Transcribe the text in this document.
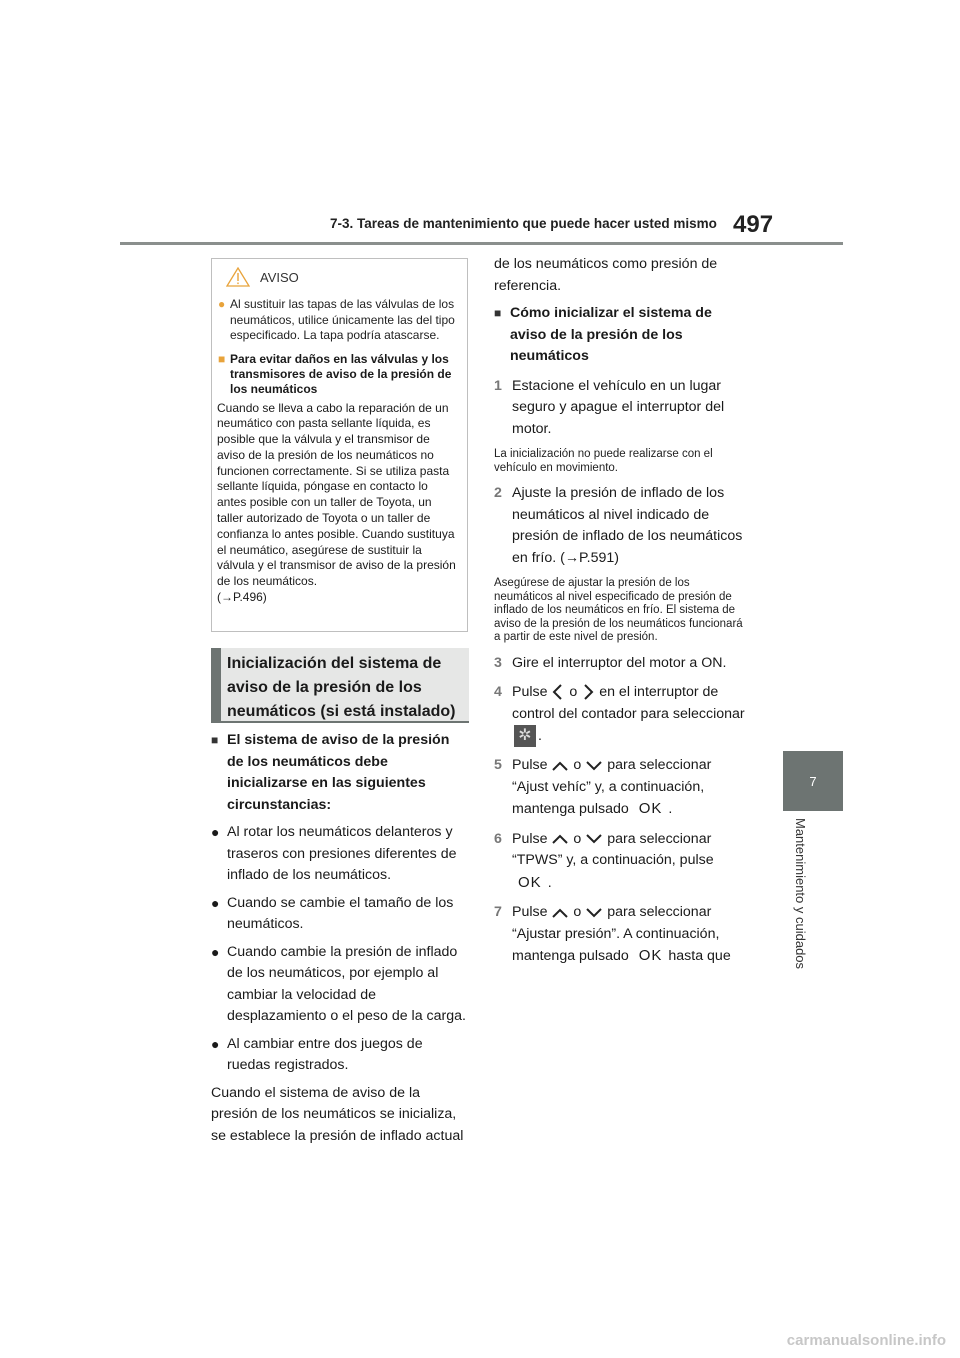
7-3. Tareas de mantenimiento que puede hacer usted mismo 497
7
Mantenimiento y cuidados
AVISO
● Al sustituir las tapas de las válvulas de los neumáticos, utilice únicamente las del tipo especificado. La tapa podría atascarse.
■ Para evitar daños en las válvulas y los transmisores de aviso de la presión de los neumáticos
Cuando se lleva a cabo la reparación de un neumático con pasta sellante líquida, es posible que la válvula y el transmisor de aviso de la presión de los neumáticos no funcionen correctamente. Si se utiliza pasta sellante líquida, póngase en contacto lo antes posible con un taller de Toyota, un taller autorizado de Toyota o un taller de confianza lo antes posible. Cuando sustituya el neumático, asegúrese de sustituir la válvula y el transmisor de aviso de la presión de los neumáticos.
(→P.496)
Inicialización del sistema de aviso de la presión de los neumáticos (si está instalado)
■ El sistema de aviso de la presión de los neumáticos debe inicializarse en las siguientes circunstancias:
● Al rotar los neumáticos delanteros y traseros con presiones diferentes de inflado de los neumáticos.
● Cuando se cambie el tamaño de los neumáticos.
● Cuando cambie la presión de inflado de los neumáticos, por ejemplo al cambiar la velocidad de desplazamiento o el peso de la carga.
● Al cambiar entre dos juegos de ruedas registrados.
Cuando el sistema de aviso de la presión de los neumáticos se inicializa, se establece la presión de inflado actual
de los neumáticos como presión de referencia.
■ Cómo inicializar el sistema de aviso de la presión de los neumáticos
1 Estacione el vehículo en un lugar seguro y apague el interruptor del motor.
La inicialización no puede realizarse con el vehículo en movimiento.
2 Ajuste la presión de inflado de los neumáticos al nivel indicado de presión de inflado de los neumáticos en frío. (→P.591)
Asegúrese de ajustar la presión de los neumáticos al nivel especificado de presión de inflado de los neumáticos en frío. El sistema de aviso de la presión de los neumáticos funcionará a partir de este nivel de presión.
3 Gire el interruptor del motor a ON.
4 Pulse o en el interruptor de control del contador para seleccionar ✲ .
5 Pulse o para seleccionar “Ajust vehíc” y, a continuación, mantenga pulsado OK .
6 Pulse o para seleccionar “TPWS” y, a continuación, pulse OK .
7 Pulse o para seleccionar “Ajustar presión”. A continuación, mantenga pulsado OK hasta que
carmanualsonline.info
